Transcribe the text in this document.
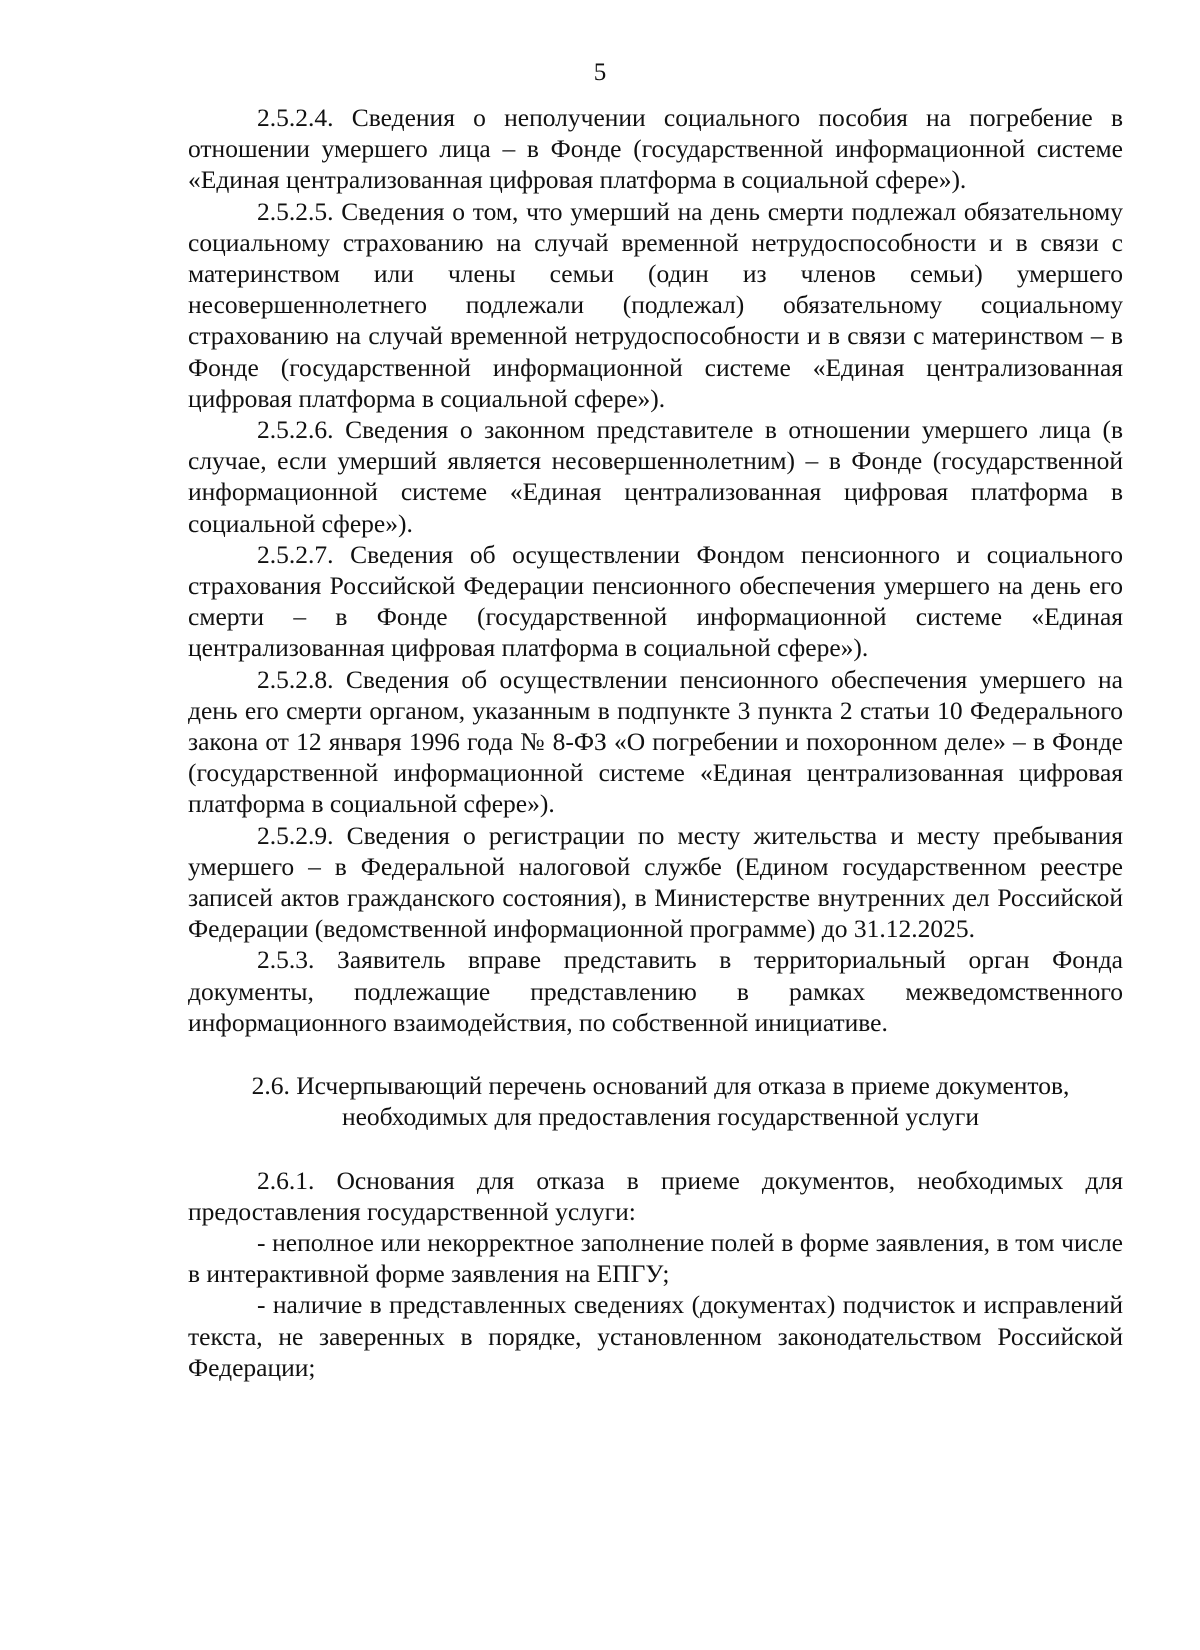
5

2.5.2.4. Сведения о неполучении социального пособия на погребение в отношении умершего лица – в Фонде (государственной информационной системе «Единая централизованная цифровая платформа в социальной сфере»).

2.5.2.5. Сведения о том, что умерший на день смерти подлежал обязательному социальному страхованию на случай временной нетрудоспособности и в связи с материнством или члены семьи (один из членов семьи) умершего несовершеннолетнего подлежали (подлежал) обязательному социальному страхованию на случай временной нетрудоспособности и в связи с материнством – в Фонде (государственной информационной системе «Единая централизованная цифровая платформа в социальной сфере»).

2.5.2.6. Сведения о законном представителе в отношении умершего лица (в случае, если умерший является несовершеннолетним) – в Фонде (государственной информационной системе «Единая централизованная цифровая платформа в социальной сфере»).

2.5.2.7. Сведения об осуществлении Фондом пенсионного и социального страхования Российской Федерации пенсионного обеспечения умершего на день его смерти – в Фонде (государственной информационной системе «Единая централизованная цифровая платформа в социальной сфере»).

2.5.2.8. Сведения об осуществлении пенсионного обеспечения умершего на день его смерти органом, указанным в подпункте 3 пункта 2 статьи 10 Федерального закона от 12 января 1996 года № 8-ФЗ «О погребении и похоронном деле» – в Фонде (государственной информационной системе «Единая централизованная цифровая платформа в социальной сфере»).

2.5.2.9. Сведения о регистрации по месту жительства и месту пребывания умершего – в Федеральной налоговой службе (Едином государственном реестре записей актов гражданского состояния), в Министерстве внутренних дел Российской Федерации (ведомственной информационной программе) до 31.12.2025.

2.5.3. Заявитель вправе представить в территориальный орган Фонда документы, подлежащие представлению в рамках межведомственного информационного взаимодействия, по собственной инициативе.

2.6. Исчерпывающий перечень оснований для отказа в приеме документов,
необходимых для предоставления государственной услуги

2.6.1. Основания для отказа в приеме документов, необходимых для предоставления государственной услуги:

- неполное или некорректное заполнение полей в форме заявления, в том числе в интерактивной форме заявления на ЕПГУ;

- наличие в представленных сведениях (документах) подчисток и исправлений текста, не заверенных в порядке, установленном законодательством Российской Федерации;
